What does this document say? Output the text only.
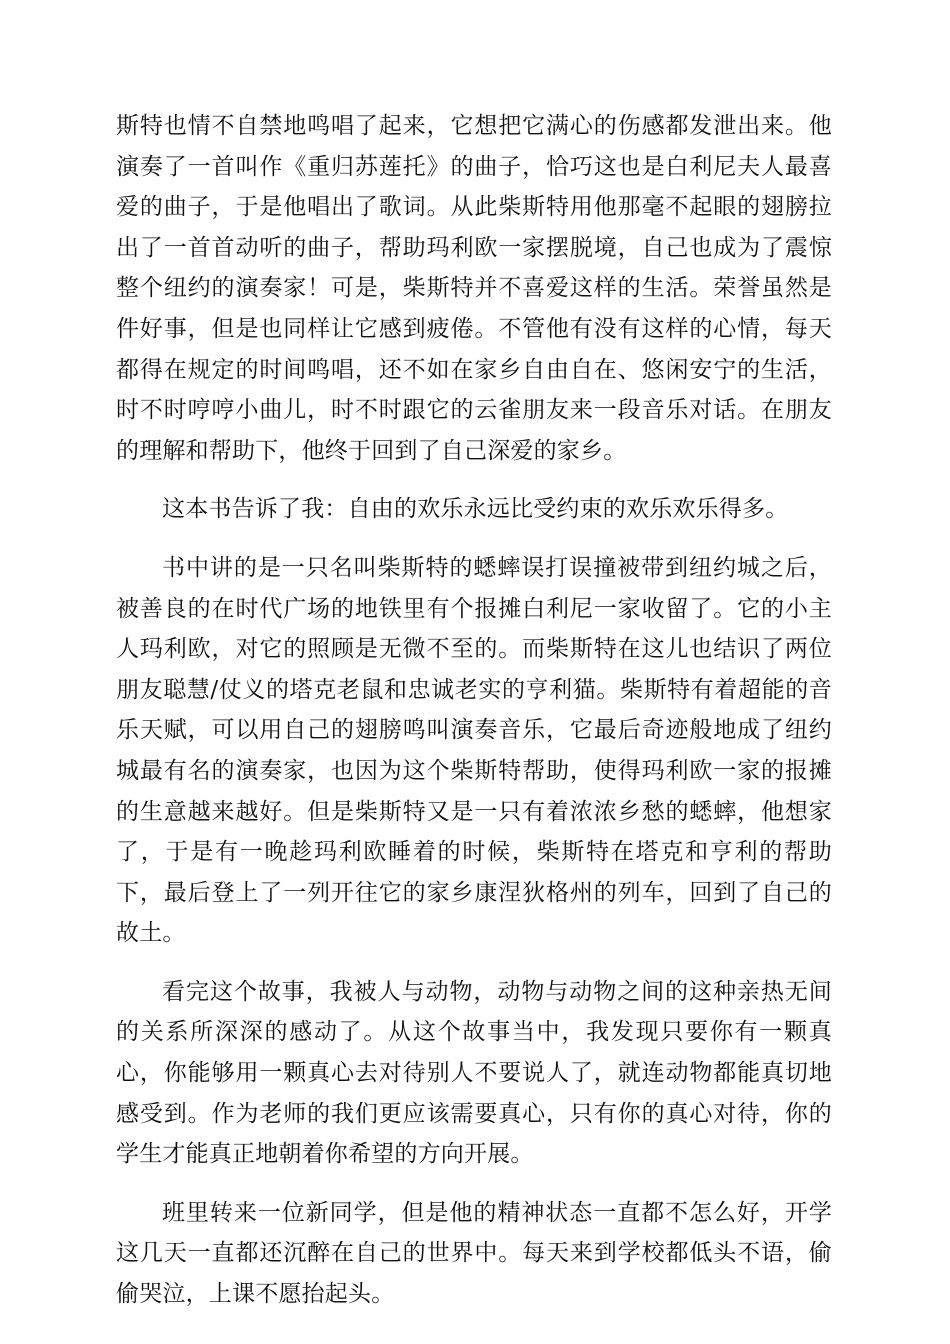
斯特也情不自禁地鸣唱了起来，它想把它满心的伤感都发泄出来。他演奏了一首叫作《重归苏莲托》的曲子，恰巧这也是白利尼夫人最喜爱的曲子，于是他唱出了歌词。从此柴斯特用他那毫不起眼的翅膀拉出了一首首动听的曲子，帮助玛利欧一家摆脱境，自己也成为了震惊整个纽约的演奏家！可是，柴斯特并不喜爱这样的生活。荣誉虽然是件好事，但是也同样让它感到疲倦。不管他有没有这样的心情，每天都得在规定的时间鸣唱，还不如在家乡自由自在、悠闲安宁的生活，时不时哼哼小曲儿，时不时跟它的云雀朋友来一段音乐对话。在朋友的理解和帮助下，他终于回到了自己深爱的家乡。

这本书告诉了我：自由的欢乐永远比受约束的欢乐欢乐得多。

书中讲的是一只名叫柴斯特的蟋蟀误打误撞被带到纽约城之后，被善良的在时代广场的地铁里有个报摊白利尼一家收留了。它的小主人玛利欧，对它的照顾是无微不至的。而柴斯特在这儿也结识了两位朋友聪慧/仗义的塔克老鼠和忠诚老实的亨利猫。柴斯特有着超能的音乐天赋，可以用自己的翅膀鸣叫演奏音乐，它最后奇迹般地成了纽约城最有名的演奏家，也因为这个柴斯特帮助，使得玛利欧一家的报摊的生意越来越好。但是柴斯特又是一只有着浓浓乡愁的蟋蟀，他想家了，于是有一晚趁玛利欧睡着的时候，柴斯特在塔克和亨利的帮助下，最后登上了一列开往它的家乡康涅狄格州的列车，回到了自己的故土。

看完这个故事，我被人与动物，动物与动物之间的这种亲热无间的关系所深深的感动了。从这个故事当中，我发现只要你有一颗真心，你能够用一颗真心去对待别人不要说人了，就连动物都能真切地感受到。作为老师的我们更应该需要真心，只有你的真心对待，你的学生才能真正地朝着你希望的方向开展。

班里转来一位新同学，但是他的精神状态一直都不怎么好，开学这几天一直都还沉醉在自己的世界中。每天来到学校都低头不语，偷偷哭泣，上课不愿抬起头。
